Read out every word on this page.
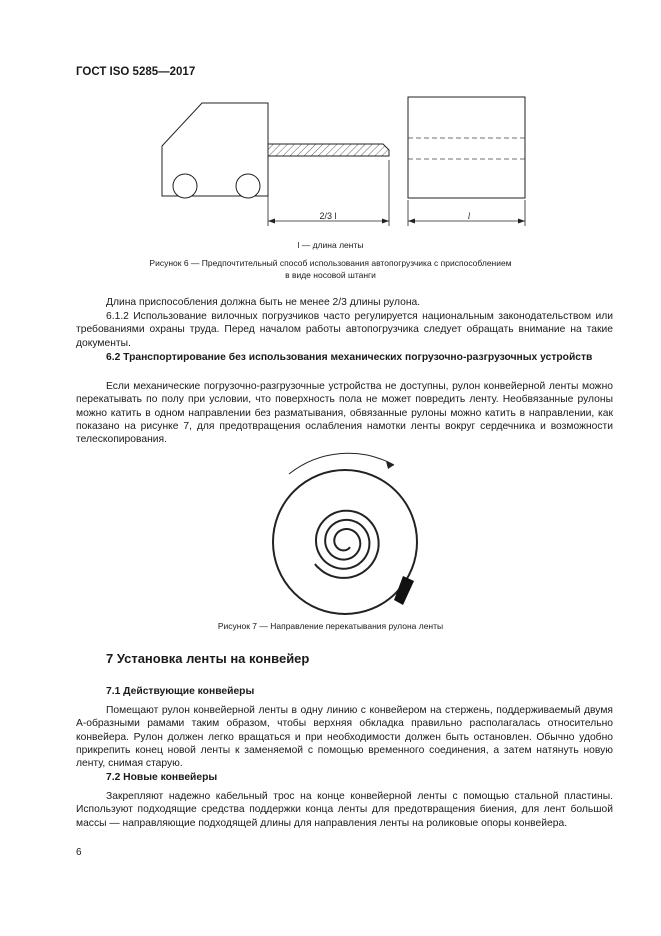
ГОСТ ISO 5285—2017
2/3 l	l
l — длина ленты
Рисунок 6 — Предпочтительный способ использования автопогрузчика с приспособлением
в виде носовой штанги

Длина приспособления должна быть не менее 2/3 длины рулона.

6.1.2 Использование вилочных погрузчиков часто регулируется национальным законодательством или требованиями охраны труда. Перед началом работы автопогрузчика следует обращать внимание на такие документы.

6.2 Транспортирование без использования механических погрузочно-разгрузочных устройств

Если механические погрузочно-разгрузочные устройства не доступны, рулон конвейерной ленты можно перекатывать по полу при условии, что поверхность пола не может повредить ленту. Необвязанные рулоны можно катить в одном направлении без разматывания, обвязанные рулоны можно катить в направлении, как показано на рисунке 7, для предотвращения ослабления намотки ленты вокруг сердечника и возможности телескопирования.

Рисунок 7 — Направление перекатывания рулона ленты
7 Установка ленты на конвейер
7.1 Действующие конвейеры

Помещают рулон конвейерной ленты в одну линию с конвейером на стержень, поддерживаемый двумя А-образными рамами таким образом, чтобы верхняя обкладка правильно располагалась относительно конвейера. Рулон должен легко вращаться и при необходимости должен быть остановлен. Обычно удобно прикрепить конец новой ленты к заменяемой с помощью временного соединения, а затем натянуть новую ленту, снимая старую.

7.2 Новые конвейеры

Закрепляют надежно кабельный трос на конце конвейерной ленты с помощью стальной пластины. Используют подходящие средства поддержки конца ленты для предотвращения биения, для лент большой массы — направляющие подходящей длины для направления ленты на роликовые опоры конвейера.

6
